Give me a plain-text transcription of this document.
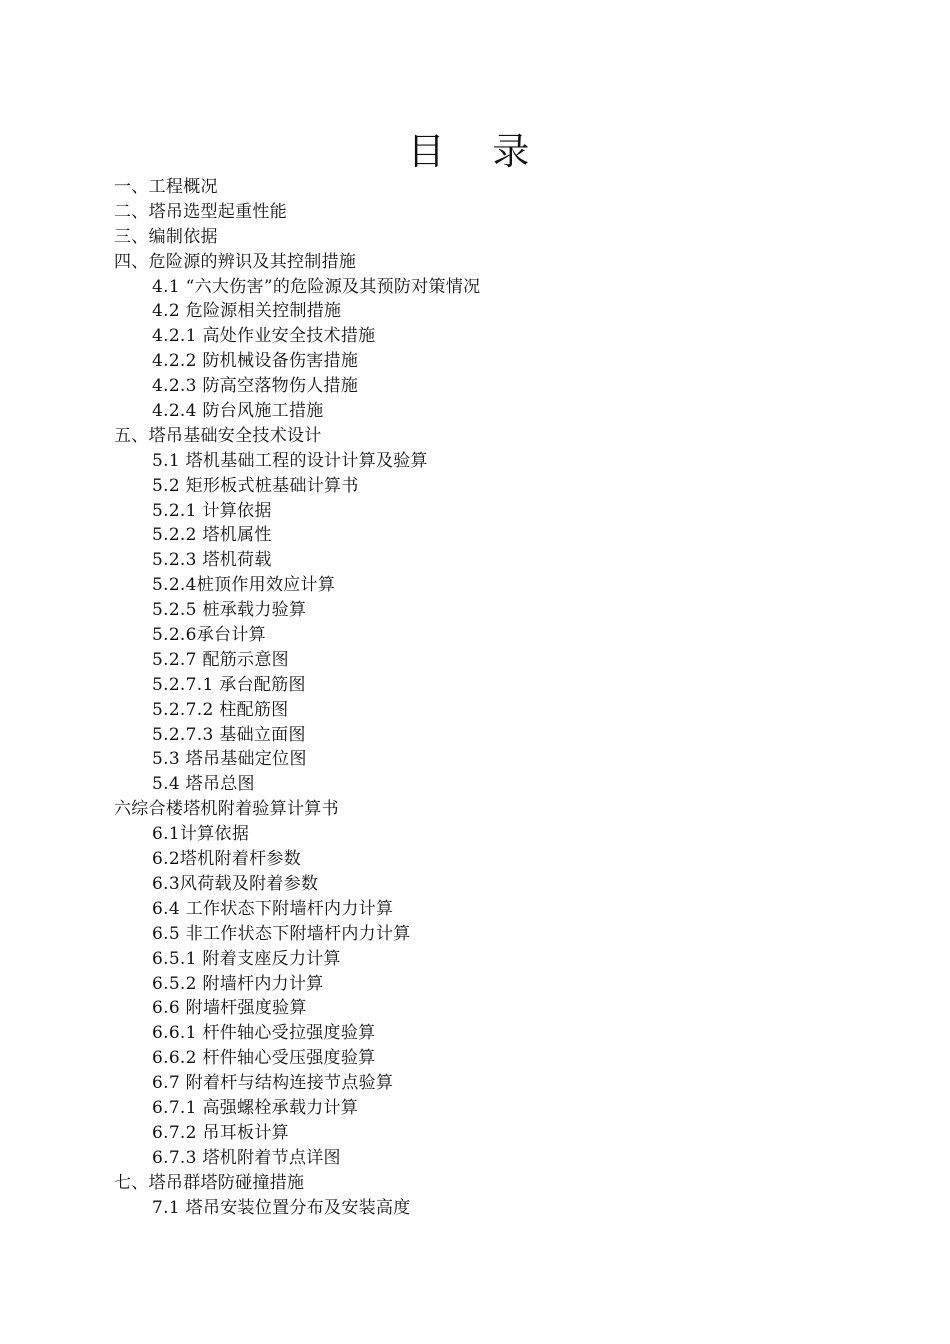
目 录
一、工程概况
二、塔吊选型起重性能
三、编制依据
四、危险源的辨识及其控制措施
4.1 “六大伤害”的危险源及其预防对策情况
4.2 危险源相关控制措施
4.2.1 高处作业安全技术措施
4.2.2 防机械设备伤害措施
4.2.3 防高空落物伤人措施
4.2.4 防台风施工措施
五、塔吊基础安全技术设计
5.1 塔机基础工程的设计计算及验算
5.2 矩形板式桩基础计算书
5.2.1 计算依据
5.2.2 塔机属性
5.2.3 塔机荷载
5.2.4桩顶作用效应计算
5.2.5 桩承载力验算
5.2.6承台计算
5.2.7 配筋示意图
5.2.7.1 承台配筋图
5.2.7.2 柱配筋图
5.2.7.3 基础立面图
5.3 塔吊基础定位图
5.4 塔吊总图
六综合楼塔机附着验算计算书
6.1计算依据
6.2塔机附着杆参数
6.3风荷载及附着参数
6.4 工作状态下附墙杆内力计算
6.5 非工作状态下附墙杆内力计算
6.5.1 附着支座反力计算
6.5.2 附墙杆内力计算
6.6 附墙杆强度验算
6.6.1 杆件轴心受拉强度验算
6.6.2 杆件轴心受压强度验算
6.7 附着杆与结构连接节点验算
6.7.1 高强螺栓承载力计算
6.7.2 吊耳板计算
6.7.3 塔机附着节点详图
七、塔吊群塔防碰撞措施
7.1 塔吊安装位置分布及安装高度
